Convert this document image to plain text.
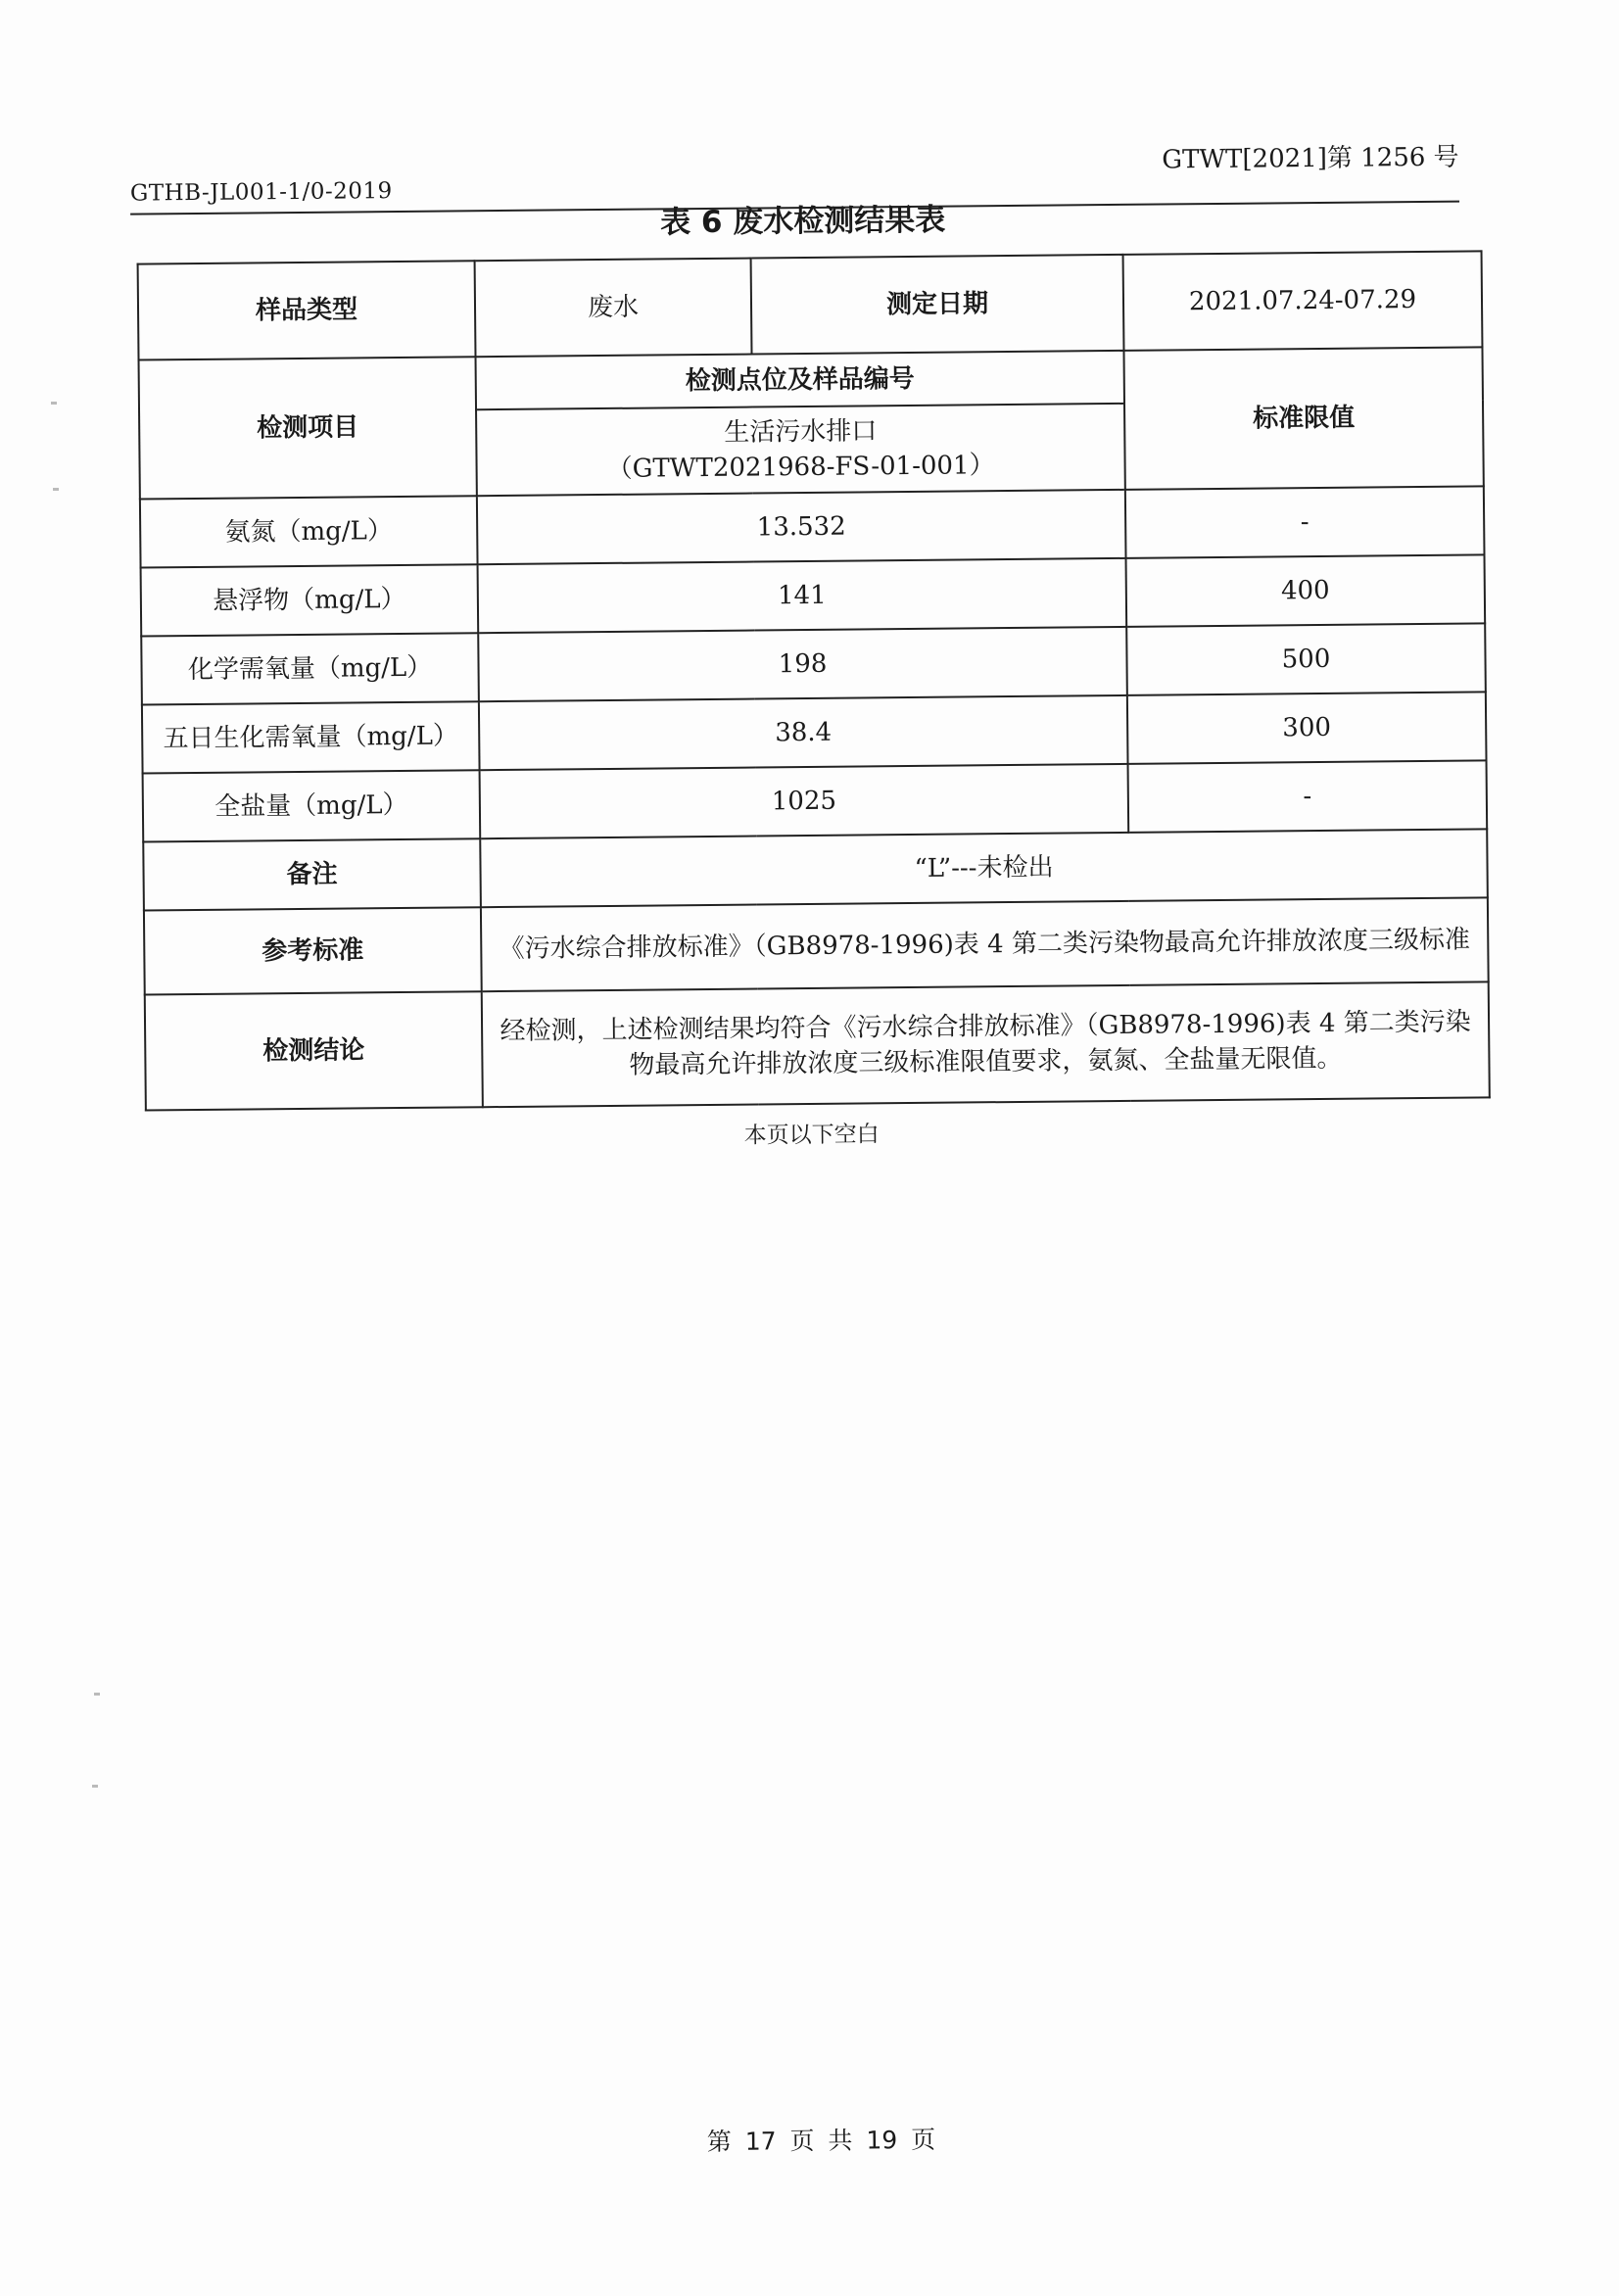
GTHB-JL001-1/0-2019
GTWT[2021]第 1256 号
表 6 废水检测结果表
样品类型	废水	测定日期	2021.07.24-07.29
检测项目	检测点位及样品编号		标准限值

	生活污水排口
（GTWT2021968-FS-01-001）		

氨氮（mg/L）	13.532		-
悬浮物（mg/L）	141		400
化学需氧量（mg/L）	198		500
五日生化需氧量（mg/L）	38.4		300
全盐量（mg/L）	1025		-
备注	“L”---未检出		
参考标准	《污水综合排放标准》（GB8978-1996)表 4 第二类污染物最高允许排放浓度三级标准		
检测结论	经检测，上述检测结果均符合《污水综合排放标准》（GB8978-1996)表 4 第二类污染物最高允许排放浓度三级标准限值要求，氨氮、全盐量无限值。		
本页以下空白
第 17 页 共 19 页
